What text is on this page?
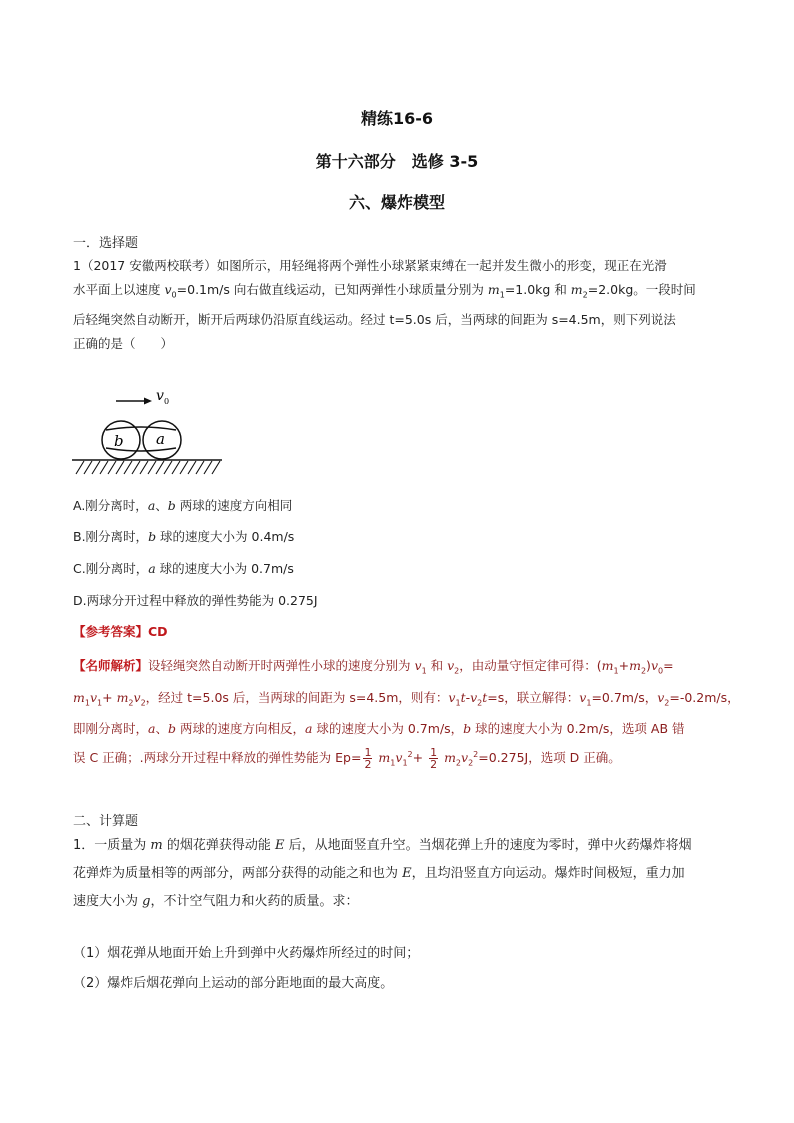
精练16-6
第十六部分　选修 3-5
六、爆炸模型
一．选择题
1（2017 安徽两校联考）如图所示，用轻绳将两个弹性小球紧紧束缚在一起并发生微小的形变，现正在光滑
水平面上以速度 $v_0=0.1m/s$ 向右做直线运动，已知两弹性小球质量分别为 $m_1=1.0kg$ 和 $m_2=2.0kg$。一段时间
后轻绳突然自动断开，断开后两球仍沿原直线运动。经过 t=5.0s 后，当两球的间距为 s=4.5m，则下列说法
正确的是（　　）
v 0
b a
A.刚分离时，a、b 两球的速度方向相同
B.刚分离时，b 球的速度大小为 0.4m/s
C.刚分离时，a 球的速度大小为 0.7m/s
D.两球分开过程中释放的弹性势能为 0.275J
【参考答案】CD
【名师解析】设轻绳突然自动断开时两弹性小球的速度分别为 $v_1$ 和 $v_2$，由动量守恒定律可得：$(m_1+m_2)v_0=$
$m_1v_1+ m_2v_2$，经过 t=5.0s 后，当两球的间距为 s=4.5m，则有：$v_1t-v_2t=s$，联立解得：$v_1=0.7m/s$，$v_2=-0.2m/s$，
即刚分离时，a、b 两球的速度方向相反，a 球的速度大小为 0.7m/s，b 球的速度大小为 0.2m/s，选项 AB 错
误 C 正确；.两球分开过程中释放的弹性势能为 $Ep= \frac{1}{2} m_1v_1^2+ \frac{1}{2} m_2v_2^2=0.275J$，选项 D 正确。
二、计算题
1．一质量为 m 的烟花弹获得动能 E 后，从地面竖直升空。当烟花弹上升的速度为零时，弹中火药爆炸将烟
花弹炸为质量相等的两部分，两部分获得的动能之和也为 E，且均沿竖直方向运动。爆炸时间极短，重力加
速度大小为 g，不计空气阻力和火药的质量。求：
（1）烟花弹从地面开始上升到弹中火药爆炸所经过的时间；
（2）爆炸后烟花弹向上运动的部分距地面的最大高度。
